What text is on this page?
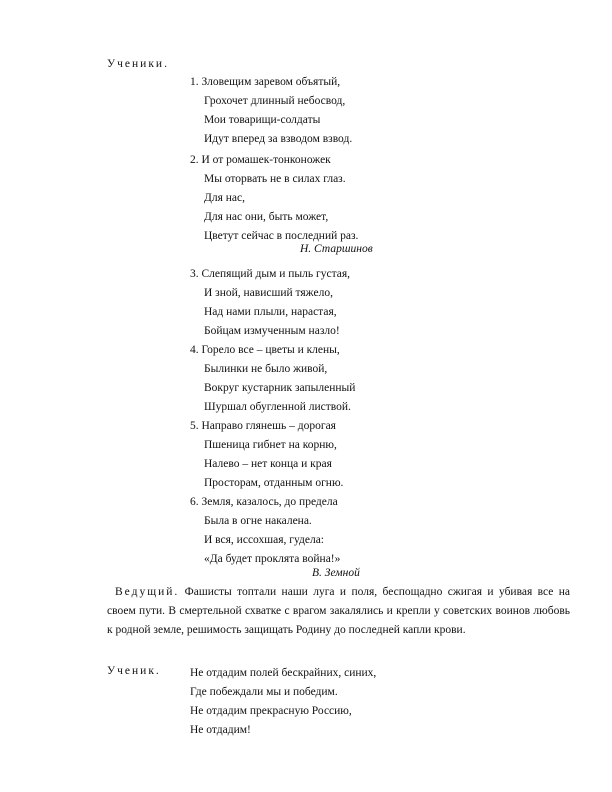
Ученики.
1. Зловещим заревом объятый,
Грохочет длинный небосвод,
Мои товарищи-солдаты
Идут вперед за взводом взвод.
2. И от ромашек-тонконожек
Мы оторвать не в силах глаз.
Для нас,
Для нас они, быть может,
Цветут сейчас в последний раз.
Н. Старшинов
3. Слепящий дым и пыль густая,
И зной, нависший тяжело,
Над нами плыли, нарастая,
Бойцам измученным назло!
4. Горело все – цветы и клены,
Былинки не было живой,
Вокруг кустарник запыленный
Шуршал обугленной листвой.
5. Направо глянешь – дорогая
Пшеница гибнет на корню,
Налево – нет конца и края
Просторам, отданным огню.
6. Земля, казалось, до предела
Была в огне накалена.
И вся, иссохшая, гудела:
«Да будет проклята война!»
В. Земной
Ведущий. Фашисты топтали наши луга и поля, беспощадно сжигая и убивая все на своем пути. В смертельной схватке с врагом закалялись и крепли у советских воинов любовь к родной земле, решимость защищать Родину до последней капли крови.
Ученик.	Не отдадим полей бескрайних, синих,
Где побеждали мы и победим.
Не отдадим прекрасную Россию,
Не отдадим!
